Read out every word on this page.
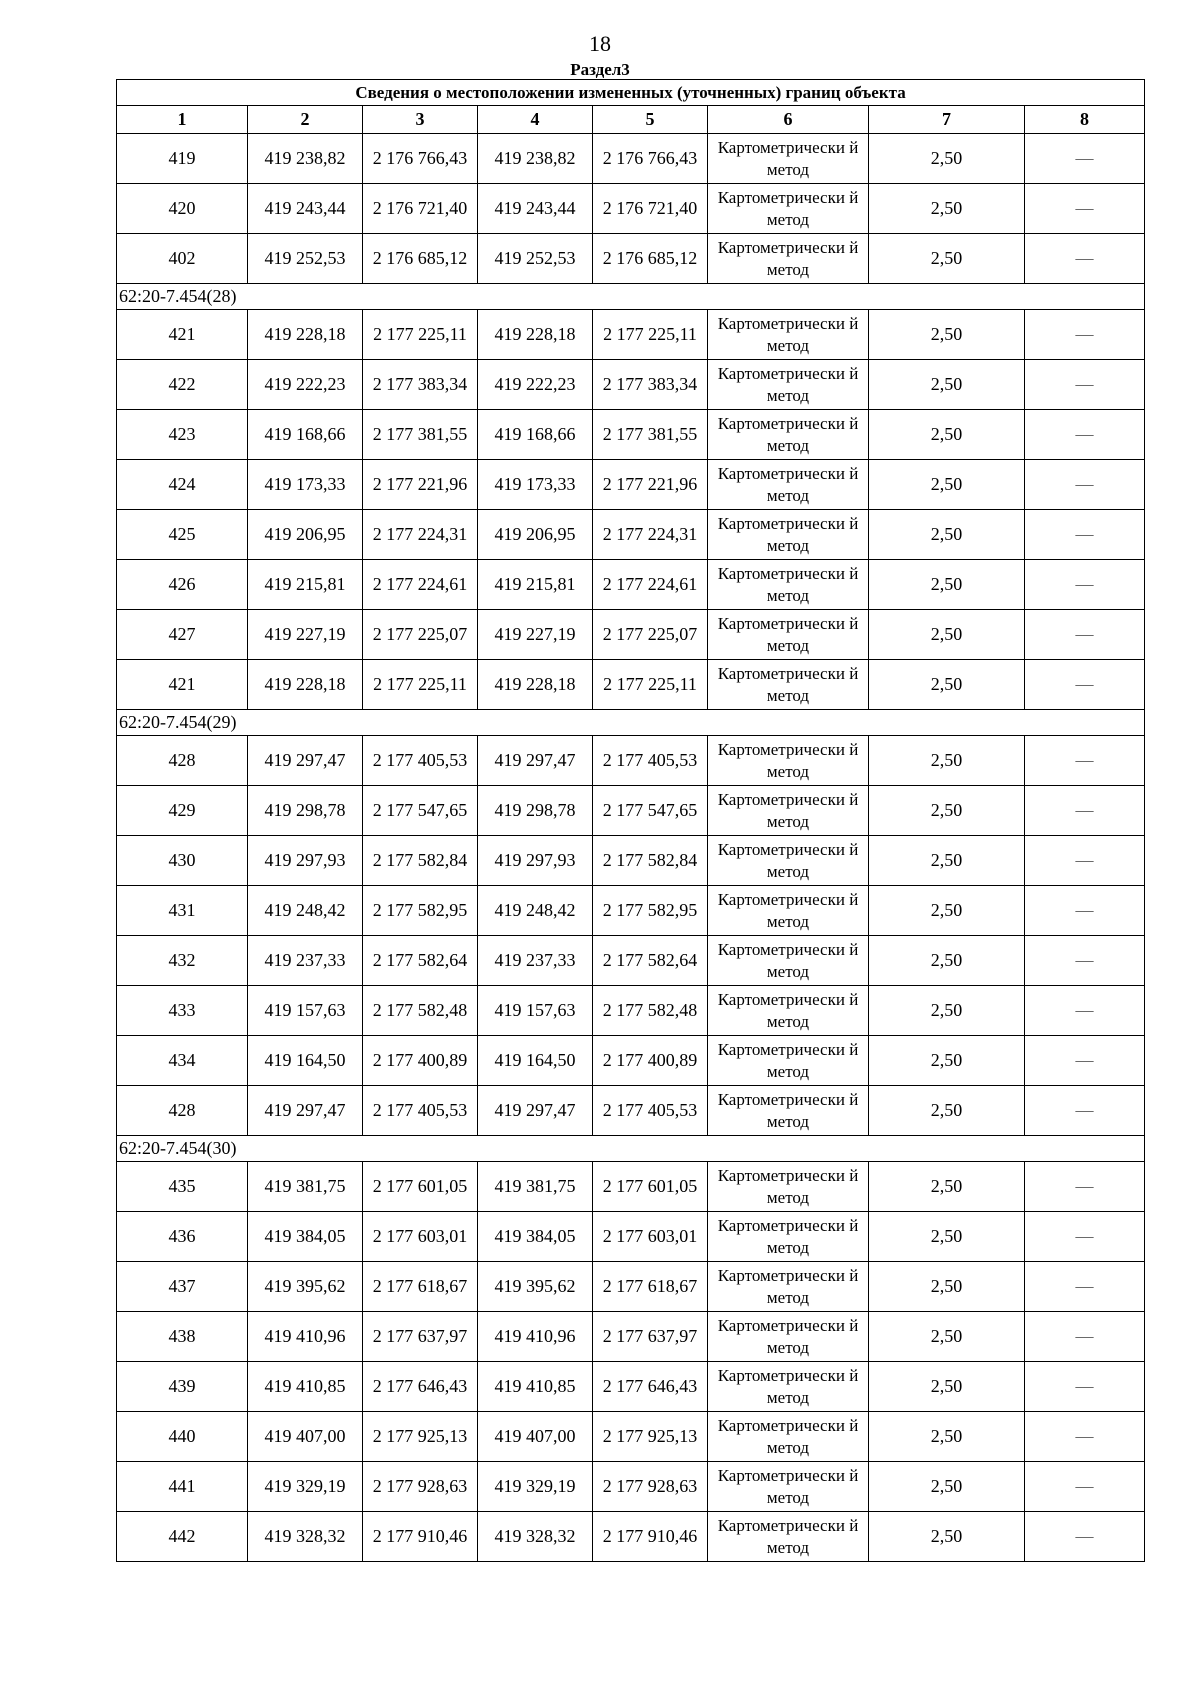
18
Раздел3
Сведения о местоположении измененных (уточненных) границ объекта							
1	2	3	4	5	6	7	8
419	419 238,82	2 176 766,43	419 238,82	2 176 766,43	Картометрически й метод	2,50	—
420	419 243,44	2 176 721,40	419 243,44	2 176 721,40	Картометрически й метод	2,50	—
402	419 252,53	2 176 685,12	419 252,53	2 176 685,12	Картометрически й метод	2,50	—
62:20-7.454(28)							
421	419 228,18	2 177 225,11	419 228,18	2 177 225,11	Картометрически й метод	2,50	—
422	419 222,23	2 177 383,34	419 222,23	2 177 383,34	Картометрически й метод	2,50	—
423	419 168,66	2 177 381,55	419 168,66	2 177 381,55	Картометрически й метод	2,50	—
424	419 173,33	2 177 221,96	419 173,33	2 177 221,96	Картометрически й метод	2,50	—
425	419 206,95	2 177 224,31	419 206,95	2 177 224,31	Картометрически й метод	2,50	—
426	419 215,81	2 177 224,61	419 215,81	2 177 224,61	Картометрически й метод	2,50	—
427	419 227,19	2 177 225,07	419 227,19	2 177 225,07	Картометрически й метод	2,50	—
421	419 228,18	2 177 225,11	419 228,18	2 177 225,11	Картометрически й метод	2,50	—
62:20-7.454(29)							
428	419 297,47	2 177 405,53	419 297,47	2 177 405,53	Картометрически й метод	2,50	—
429	419 298,78	2 177 547,65	419 298,78	2 177 547,65	Картометрически й метод	2,50	—
430	419 297,93	2 177 582,84	419 297,93	2 177 582,84	Картометрически й метод	2,50	—
431	419 248,42	2 177 582,95	419 248,42	2 177 582,95	Картометрически й метод	2,50	—
432	419 237,33	2 177 582,64	419 237,33	2 177 582,64	Картометрически й метод	2,50	—
433	419 157,63	2 177 582,48	419 157,63	2 177 582,48	Картометрически й метод	2,50	—
434	419 164,50	2 177 400,89	419 164,50	2 177 400,89	Картометрически й метод	2,50	—
428	419 297,47	2 177 405,53	419 297,47	2 177 405,53	Картометрически й метод	2,50	—
62:20-7.454(30)							
435	419 381,75	2 177 601,05	419 381,75	2 177 601,05	Картометрически й метод	2,50	—
436	419 384,05	2 177 603,01	419 384,05	2 177 603,01	Картометрически й метод	2,50	—
437	419 395,62	2 177 618,67	419 395,62	2 177 618,67	Картометрически й метод	2,50	—
438	419 410,96	2 177 637,97	419 410,96	2 177 637,97	Картометрически й метод	2,50	—
439	419 410,85	2 177 646,43	419 410,85	2 177 646,43	Картометрически й метод	2,50	—
440	419 407,00	2 177 925,13	419 407,00	2 177 925,13	Картометрически й метод	2,50	—
441	419 329,19	2 177 928,63	419 329,19	2 177 928,63	Картометрически й метод	2,50	—
442	419 328,32	2 177 910,46	419 328,32	2 177 910,46	Картометрически й метод	2,50	—
